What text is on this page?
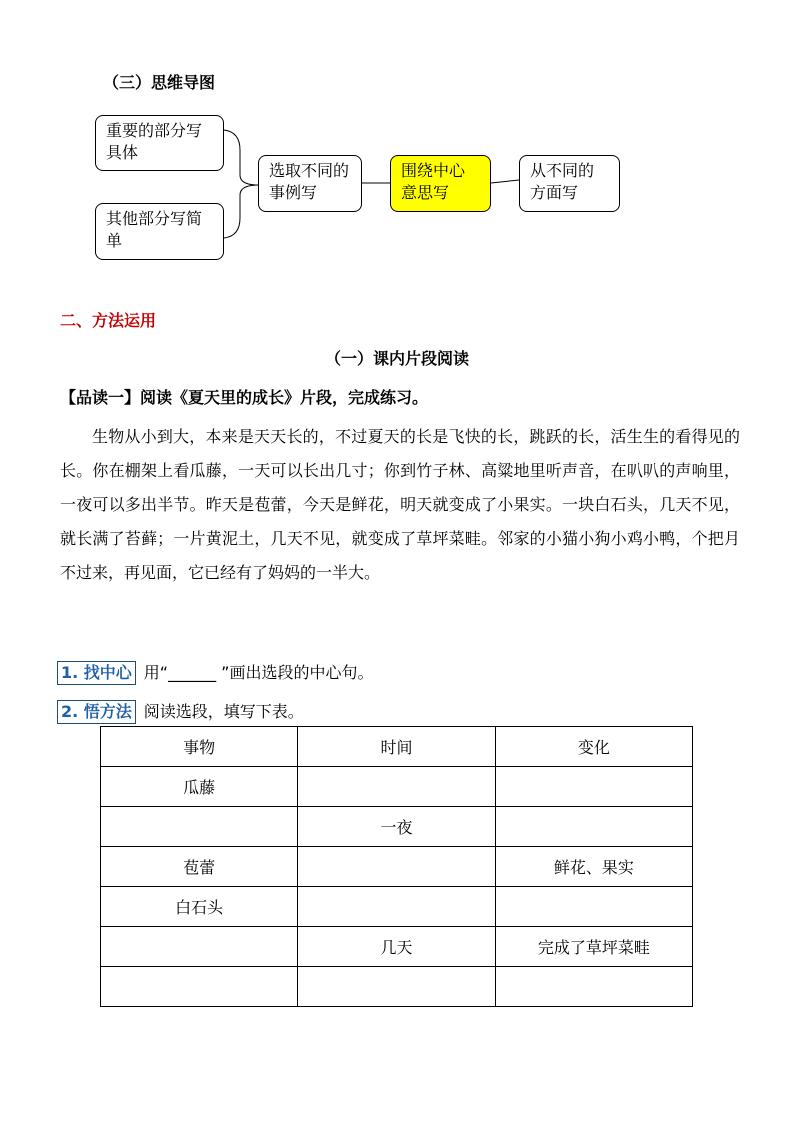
（三）思维导图
重要的部分写具体
其他部分写简单
选取不同的事例写
围绕中心意思写
从不同的方面写
二、方法运用
（一）课内片段阅读
【品读一】阅读《夏天里的成长》片段，完成练习。
生物从小到大，本来是天天长的，不过夏天的长是飞快的长，跳跃的长，活生生的看得见的长。你在棚架上看瓜藤，一天可以长出几寸；你到竹子林、高粱地里听声音，在叭叭的声响里，一夜可以多出半节。昨天是苞蕾，今天是鲜花，明天就变成了小果实。一块白石头，几天不见，就长满了苔藓；一片黄泥土，几天不见，就变成了草坪菜畦。邻家的小猫小狗小鸡小鸭，个把月不过来，再见面，它已经有了妈妈的一半大。
1. 找中心 用“______ ”画出选段的中心句。
2. 悟方法 阅读选段，填写下表。
事物	时间	变化
瓜藤		
	一夜	
苞蕾		鲜花、果实
白石头		
	几天	完成了草坪菜畦
